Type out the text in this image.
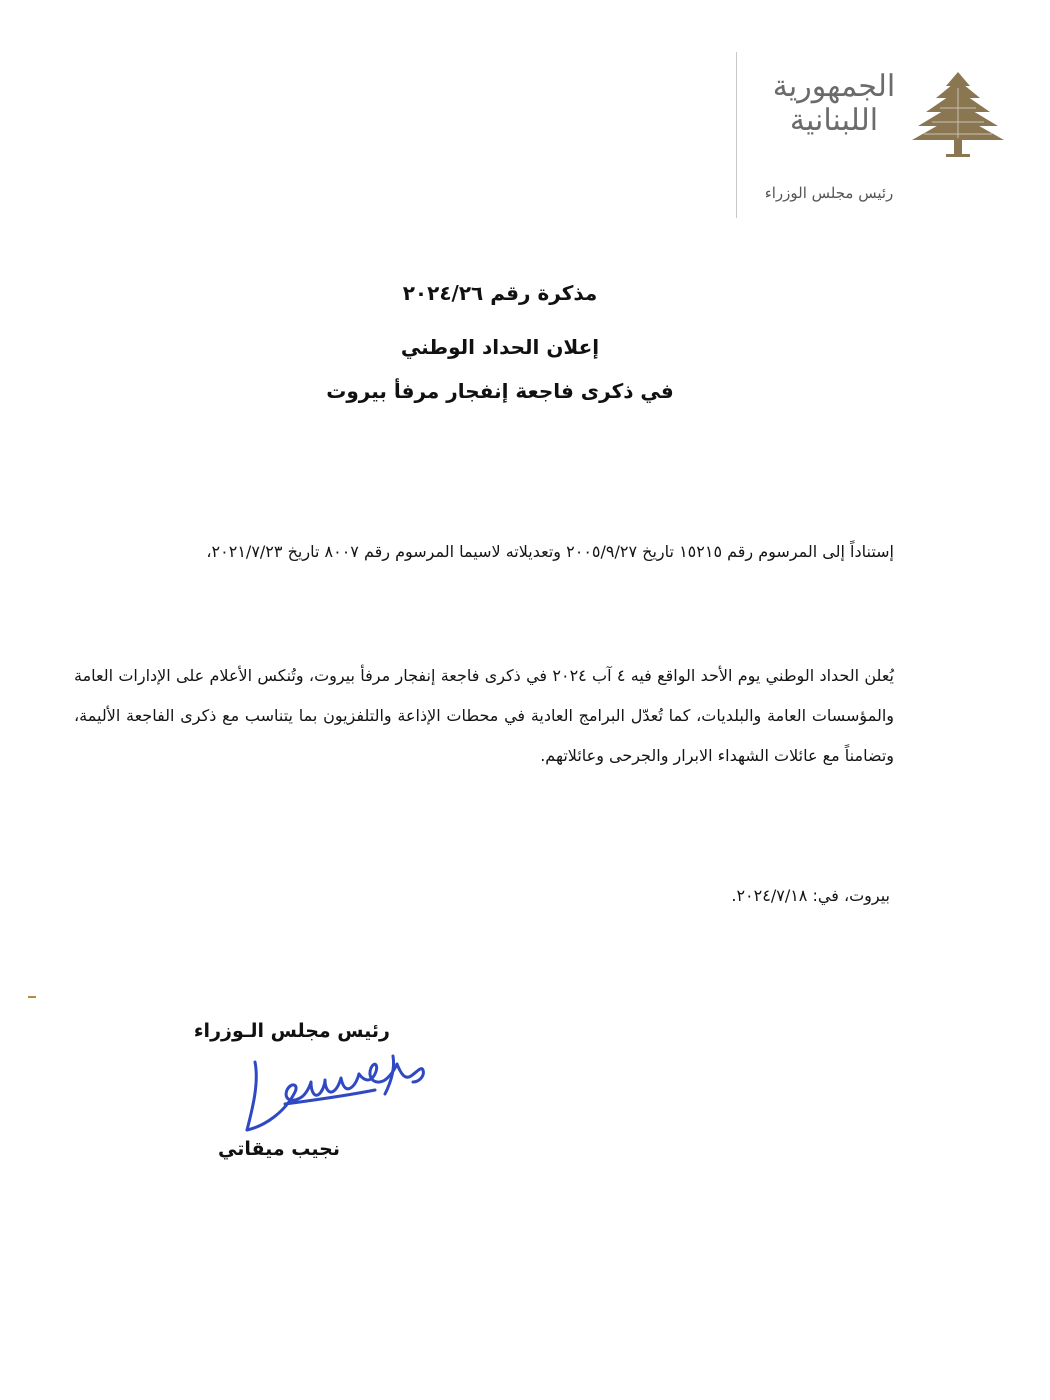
الجمهورية اللبنانية
رئيس مجلس الوزراء
مذكرة رقم ٢٠٢٤/٢٦
إعلان الحداد الوطني
في ذكرى فاجعة إنفجار مرفأ بيروت
إستناداً إلى المرسوم رقم ١٥٢١٥ تاريخ ٢٠٠٥/٩/٢٧ وتعديلاته لاسيما المرسوم رقم ٨٠٠٧ تاريخ ٢٠٢١/٧/٢٣،
يُعلن الحداد الوطني يوم الأحد الواقع فيه ٤ آب ٢٠٢٤ في ذكرى فاجعة إنفجار مرفأ بيروت، وتُنكس الأعلام على الإدارات العامة والمؤسسات العامة والبلديات، كما تُعدّل البرامج العادية في محطات الإذاعة والتلفزيون بما يتناسب مع ذكرى الفاجعة الأليمة، وتضامناً مع عائلات الشهداء الابرار والجرحى وعائلاتهم.
بيروت، في: ٢٠٢٤/٧/١٨.
رئيس مجلس الـوزراء
نجيب ميقاتي
